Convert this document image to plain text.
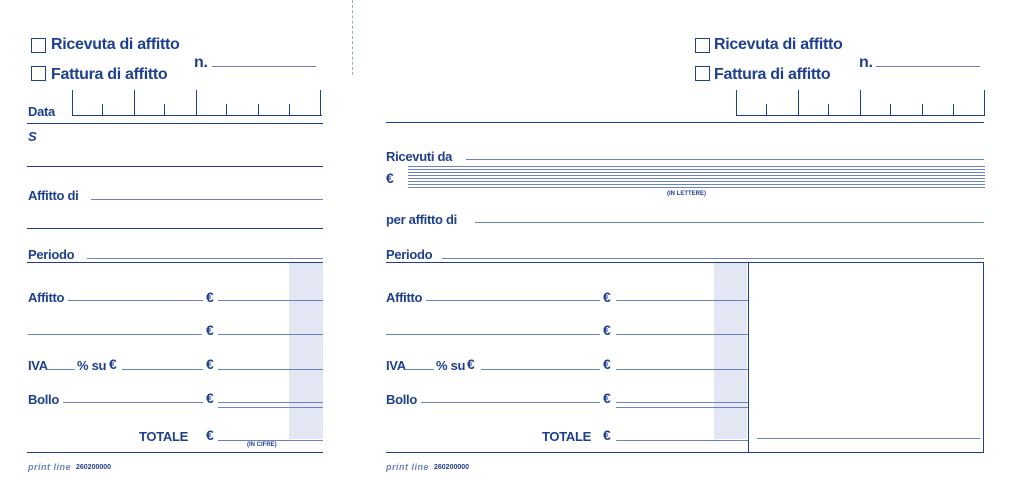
Ricevuta di affitto
Fattura di affitto
n.
Data
S
Affitto di
Periodo
Affitto	€
€
IVA % su €	€
Bollo	€
TOTALE €
(IN CIFRE)
print line 260200000
Ricevuta di affitto
Fattura di affitto
n.
Ricevuti da
€
(IN LETTERE)
per affitto di
Periodo
Affitto	€
€
IVA % su €	€
Bollo	€
TOTALE €
print line 260200000
